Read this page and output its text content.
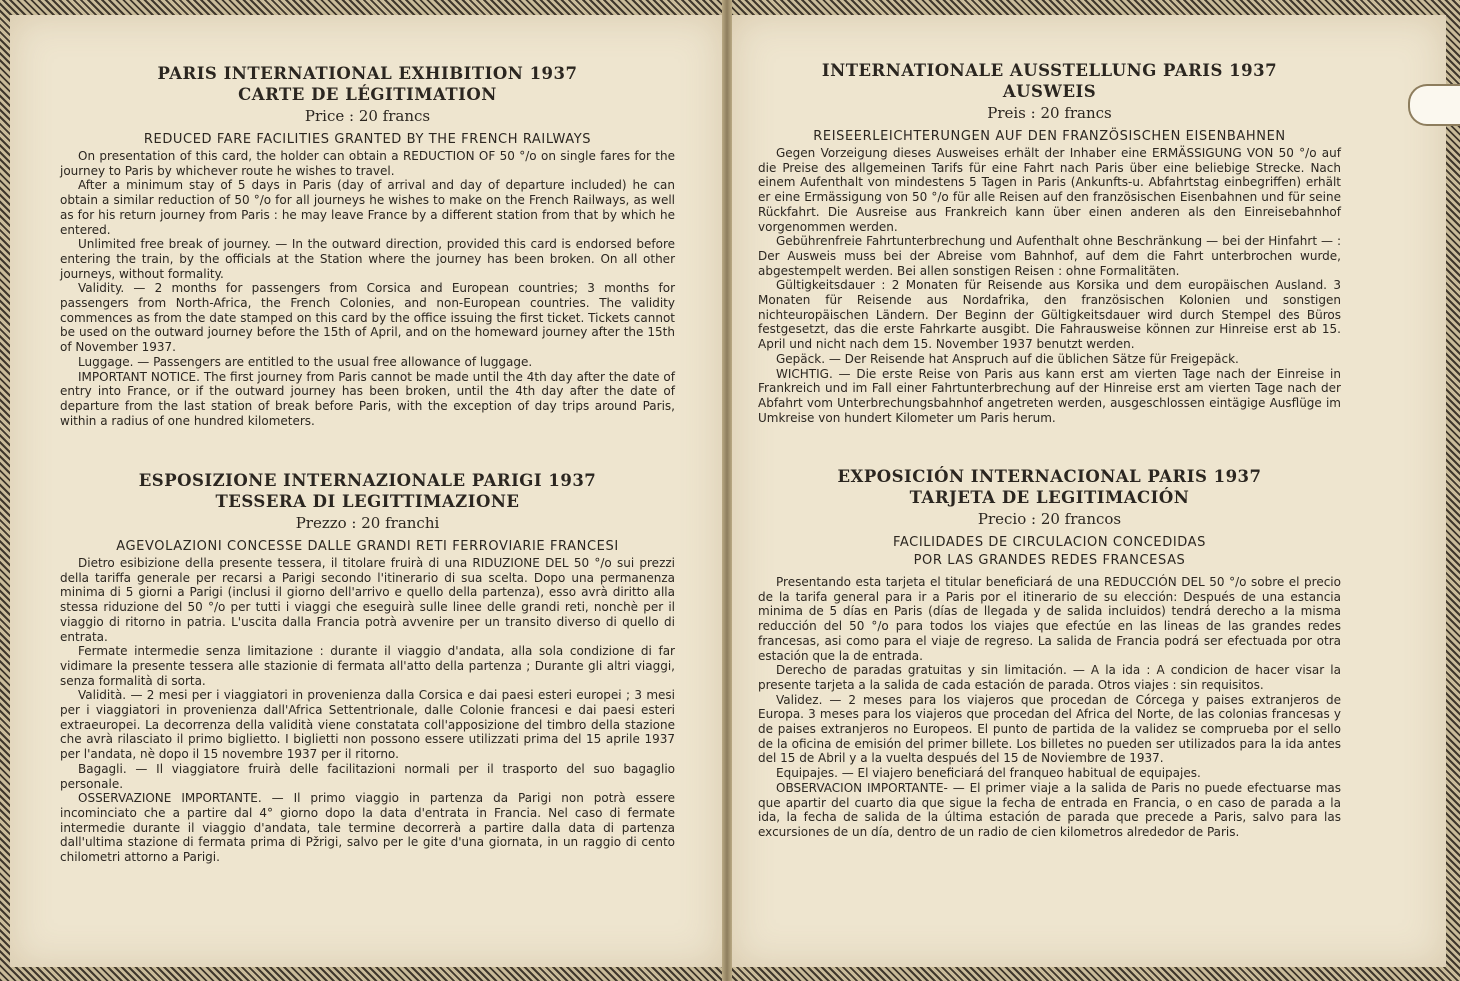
PARIS INTERNATIONAL EXHIBITION 1937

CARTE DE LÉGITIMATION

Price : 20 francs

REDUCED FARE FACILITIES GRANTED BY THE FRENCH RAILWAYS

On presentation of this card, the holder can obtain a REDUCTION OF 50 °/o on single fares for the journey to Paris by whichever route he wishes to travel.

After a minimum stay of 5 days in Paris (day of arrival and day of departure included) he can obtain a similar reduction of 50 °/o for all journeys he wishes to make on the French Railways, as well as for his return journey from Paris : he may leave France by a different station from that by which he entered.

Unlimited free break of journey. — In the outward direction, provided this card is endorsed before entering the train, by the officials at the Station where the journey has been broken. On all other journeys, without formality.

Validity. — 2 months for passengers from Corsica and European countries; 3 months for passengers from North-Africa, the French Colonies, and non-European countries. The validity commences as from the date stamped on this card by the office issuing the first ticket. Tickets cannot be used on the outward journey before the 15th of April, and on the homeward journey after the 15th of November 1937.

Luggage. — Passengers are entitled to the usual free allowance of luggage.

IMPORTANT NOTICE. The first journey from Paris cannot be made until the 4th day after the date of entry into France, or if the outward journey has been broken, until the 4th day after the date of departure from the last station of break before Paris, with the exception of day trips around Paris, within a radius of one hundred kilometers.

ESPOSIZIONE INTERNAZIONALE PARIGI 1937

TESSERA DI LEGITTIMAZIONE

Prezzo : 20 franchi

AGEVOLAZIONI CONCESSE DALLE GRANDI RETI FERROVIARIE FRANCESI

Dietro esibizione della presente tessera, il titolare fruirà di una RIDUZIONE DEL 50 °/o sui prezzi della tariffa generale per recarsi a Parigi secondo l'itinerario di sua scelta. Dopo una permanenza minima di 5 giorni a Parigi (inclusi il giorno dell'arrivo e quello della partenza), esso avrà diritto alla stessa riduzione del 50 °/o per tutti i viaggi che eseguirà sulle linee delle grandi reti, nonchè per il viaggio di ritorno in patria. L'uscita dalla Francia potrà avvenire per un transito diverso di quello di entrata.

Fermate intermedie senza limitazione : durante il viaggio d'andata, alla sola condizione di far vidimare la presente tessera alle stazionie di fermata all'atto della partenza ; Durante gli altri viaggi, senza formalità di sorta.

Validità. — 2 mesi per i viaggiatori in provenienza dalla Corsica e dai paesi esteri europei ; 3 mesi per i viaggiatori in provenienza dall'Africa Settentrionale, dalle Colonie francesi e dai paesi esteri extraeuropei. La decorrenza della validità viene constatata coll'apposizione del timbro della stazione che avrà rilasciato il primo biglietto. I biglietti non possono essere utilizzati prima del 15 aprile 1937 per l'andata, nè dopo il 15 novembre 1937 per il ritorno.

Bagagli. — Il viaggiatore fruirà delle facilitazioni normali per il trasporto del suo bagaglio personale.

OSSERVAZIONE IMPORTANTE. — Il primo viaggio in partenza da Parigi non potrà essere incominciato che a partire dal 4° giorno dopo la data d'entrata in Francia. Nel caso di fermate intermedie durante il viaggio d'andata, tale termine decorrerà a partire dalla data di partenza dall'ultima stazione di fermata prima di Pžrigi, salvo per le gite d'una giornata, in un raggio di cento chilometri attorno a Parigi.

INTERNATIONALE AUSSTELLUNG PARIS 1937

AUSWEIS

Preis : 20 francs

REISEERLEICHTERUNGEN AUF DEN FRANZÖSISCHEN EISENBAHNEN

Gegen Vorzeigung dieses Ausweises erhält der Inhaber eine ERMÄSSIGUNG VON 50 °/o auf die Preise des allgemeinen Tarifs für eine Fahrt nach Paris über eine beliebige Strecke. Nach einem Aufenthalt von mindestens 5 Tagen in Paris (Ankunfts-u. Abfahrtstag einbegriffen) erhält er eine Ermässigung von 50 °/o für alle Reisen auf den französischen Eisenbahnen und für seine Rückfahrt. Die Ausreise aus Frankreich kann über einen anderen als den Einreisebahnhof vorgenommen werden.

Gebührenfreie Fahrtunterbrechung und Aufenthalt ohne Beschränkung — bei der Hinfahrt — : Der Ausweis muss bei der Abreise vom Bahnhof, auf dem die Fahrt unterbrochen wurde, abgestempelt werden. Bei allen sonstigen Reisen : ohne Formalitäten.

Gültigkeitsdauer : 2 Monaten für Reisende aus Korsika und dem europäischen Ausland. 3 Monaten für Reisende aus Nordafrika, den französischen Kolonien und sonstigen nichteuropäischen Ländern. Der Beginn der Gültigkeitsdauer wird durch Stempel des Büros festgesetzt, das die erste Fahrkarte ausgibt. Die Fahrausweise können zur Hinreise erst ab 15. April und nicht nach dem 15. November 1937 benutzt werden.

Gepäck. — Der Reisende hat Anspruch auf die üblichen Sätze für Freigepäck.

WICHTIG. — Die erste Reise von Paris aus kann erst am vierten Tage nach der Einreise in Frankreich und im Fall einer Fahrtunterbrechung auf der Hinreise erst am vierten Tage nach der Abfahrt vom Unterbrechungsbahnhof angetreten werden, ausgeschlossen eintägige Ausflüge im Umkreise von hundert Kilometer um Paris herum.

EXPOSICIÓN INTERNACIONAL PARIS 1937

TARJETA DE LEGITIMACIÓN

Precio : 20 francos

FACILIDADES DE CIRCULACION CONCEDIDAS
POR LAS GRANDES REDES FRANCESAS

Presentando esta tarjeta el titular beneficiará de una REDUCCIÓN DEL 50 °/o sobre el precio de la tarifa general para ir a Paris por el itinerario de su elección: Después de una estancia minima de 5 días en Paris (días de llegada y de salida incluidos) tendrá derecho a la misma reducción del 50 °/o para todos los viajes que efectúe en las lineas de las grandes redes francesas, asi como para el viaje de regreso. La salida de Francia podrá ser efectuada por otra estación que la de entrada.

Derecho de paradas gratuitas y sin limitación. — A la ida : A condicion de hacer visar la presente tarjeta a la salida de cada estación de parada. Otros viajes : sin requisitos.

Validez. — 2 meses para los viajeros que procedan de Córcega y paises extranjeros de Europa. 3 meses para los viajeros que procedan del Africa del Norte, de las colonias francesas y de paises extranjeros no Europeos. El punto de partida de la validez se comprueba por el sello de la oficina de emisión del primer billete. Los billetes no pueden ser utilizados para la ida antes del 15 de Abril y a la vuelta después del 15 de Noviembre de 1937.

Equipajes. — El viajero beneficiará del franqueo habitual de equipajes.

OBSERVACION IMPORTANTE- — El primer viaje a la salida de Paris no puede efectuarse mas que apartir del cuarto dia que sigue la fecha de entrada en Francia, o en caso de parada a la ida, la fecha de salida de la última estación de parada que precede a Paris, salvo para las excursiones de un día, dentro de un radio de cien kilometros alrededor de Paris.
